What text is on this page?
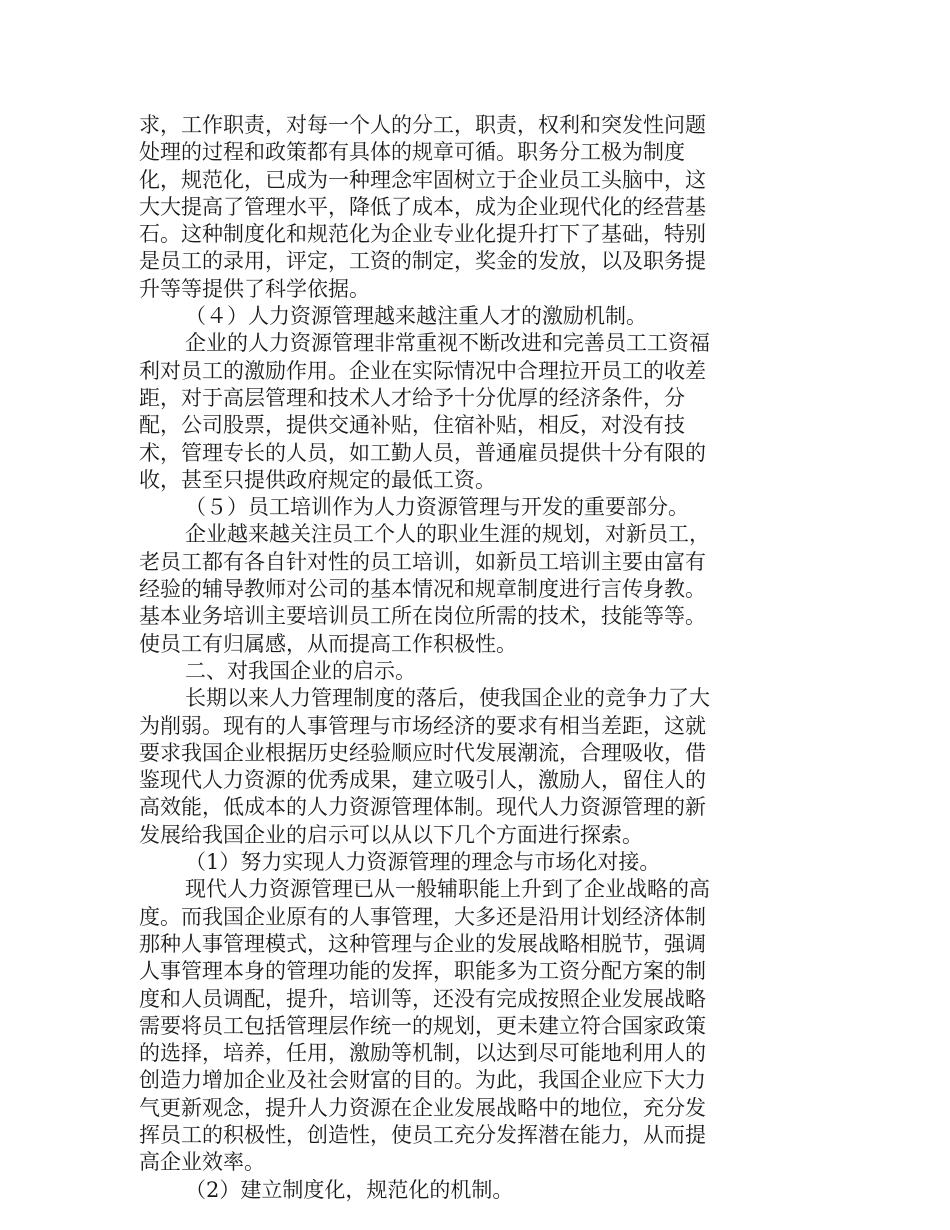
求，工作职责，对每一个人的分工，职责，权利和突发性问题
处理的过程和政策都有具体的规章可循。职务分工极为制度
化，规范化，已成为一种理念牢固树立于企业员工头脑中，这
大大提高了管理水平，降低了成本，成为企业现代化的经营基
石。这种制度化和规范化为企业专业化提升打下了基础，特别
是员工的录用，评定，工资的制定，奖金的发放，以及职务提
升等等提供了科学依据。
（４）人力资源管理越来越注重人才的激励机制。
企业的人力资源管理非常重视不断改进和完善员工工资福
利对员工的激励作用。企业在实际情况中合理拉开员工的收差
距，对于高层管理和技术人才给予十分优厚的经济条件，分
配，公司股票，提供交通补贴，住宿补贴，相反，对没有技
术，管理专长的人员，如工勤人员，普通雇员提供十分有限的
收，甚至只提供政府规定的最低工资。
（５）员工培训作为人力资源管理与开发的重要部分。
企业越来越关注员工个人的职业生涯的规划，对新员工，
老员工都有各自针对性的员工培训，如新员工培训主要由富有
经验的辅导教师对公司的基本情况和规章制度进行言传身教。
基本业务培训主要培训员工所在岗位所需的技术，技能等等。
使员工有归属感，从而提高工作积极性。
二、对我国企业的启示。
长期以来人力管理制度的落后，使我国企业的竞争力了大
为削弱。现有的人事管理与市场经济的要求有相当差距，这就
要求我国企业根据历史经验顺应时代发展潮流，合理吸收，借
鉴现代人力资源的优秀成果，建立吸引人，激励人，留住人的
高效能，低成本的人力资源管理体制。现代人力资源管理的新
发展给我国企业的启示可以从以下几个方面进行探索。
（1）努力实现人力资源管理的理念与市场化对接。
现代人力资源管理已从一般辅职能上升到了企业战略的高
度。而我国企业原有的人事管理，大多还是沿用计划经济体制
那种人事管理模式，这种管理与企业的发展战略相脱节，强调
人事管理本身的管理功能的发挥，职能多为工资分配方案的制
度和人员调配，提升，培训等，还没有完成按照企业发展战略
需要将员工包括管理层作统一的规划，更未建立符合国家政策
的选择，培养，任用，激励等机制，以达到尽可能地利用人的
创造力增加企业及社会财富的目的。为此，我国企业应下大力
气更新观念，提升人力资源在企业发展战略中的地位，充分发
挥员工的积极性，创造性，使员工充分发挥潜在能力，从而提
高企业效率。
（2）建立制度化，规范化的机制。
